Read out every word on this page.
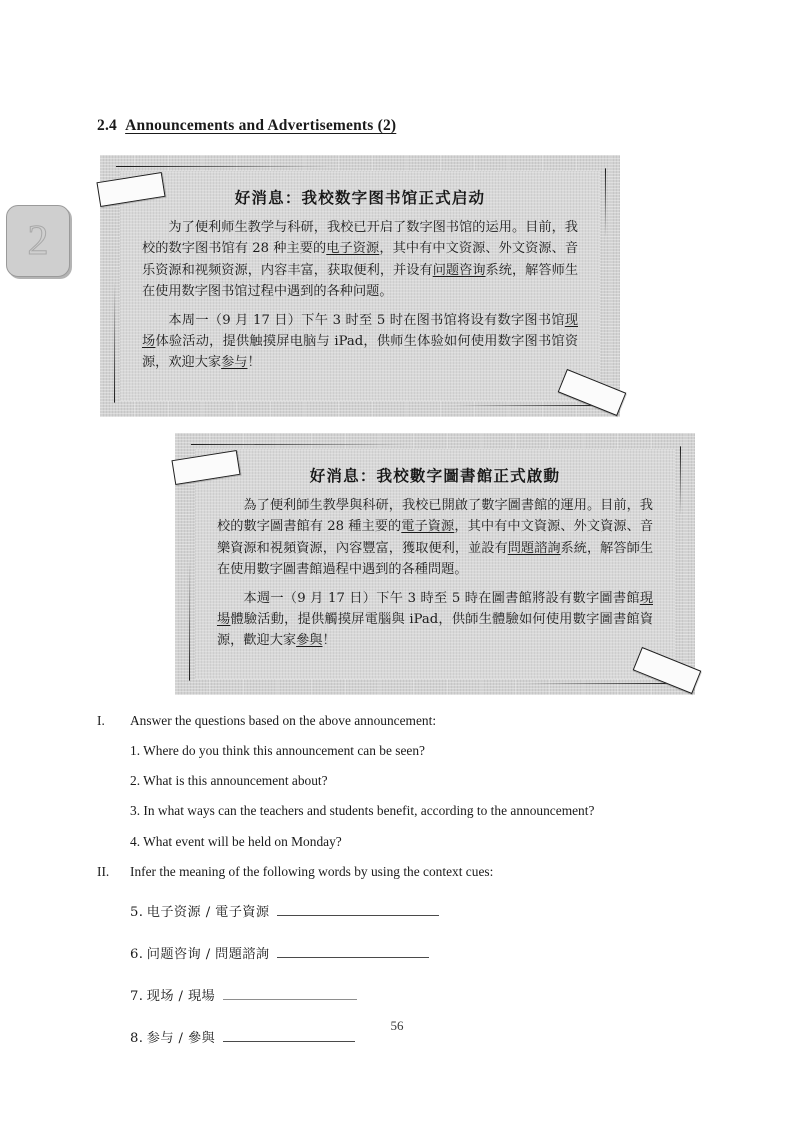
2
2.4 Announcements and Advertisements (2)
好消息：我校数字图书馆正式启动

为了便利师生教学与科研，我校已开启了数字图书馆的运用。目前，我校的数字图书馆有 28 种主要的电子资源，其中有中文资源、外文资源、音乐资源和视频资源，内容丰富，获取便利，并设有问题咨询系统，解答师生在使用数字图书馆过程中遇到的各种问题。

本周一（9 月 17 日）下午 3 时至 5 时在图书馆将设有数字图书馆现场体验活动，提供触摸屏电脑与 iPad，供师生体验如何使用数字图书馆资源，欢迎大家参与！

好消息：我校數字圖書館正式啟動

為了便利師生教學與科研，我校已開啟了數字圖書館的運用。目前，我校的數字圖書館有 28 種主要的電子資源，其中有中文資源、外文資源、音樂資源和視頻資源，內容豐富，獲取便利，並設有問題諮詢系統，解答師生在使用數字圖書館過程中遇到的各種問題。

本週一（9 月 17 日）下午 3 時至 5 時在圖書館將設有數字圖書館現場體驗活動，提供觸摸屏電腦與 iPad，供師生體驗如何使用數字圖書館資源，歡迎大家參與！

I.	Answer the questions based on the above announcement:
1. Where do you think this announcement can be seen?
2. What is this announcement about?
3. In what ways can the teachers and students benefit, according to the announcement?
4. What event will be held on Monday?
II.	Infer the meaning of the following words by using the context cues:
5.
电子资源 / 電子資源
6.
问题咨询 / 問題諮詢
7.
现场 / 現場
8.
参与 / 參與
56
